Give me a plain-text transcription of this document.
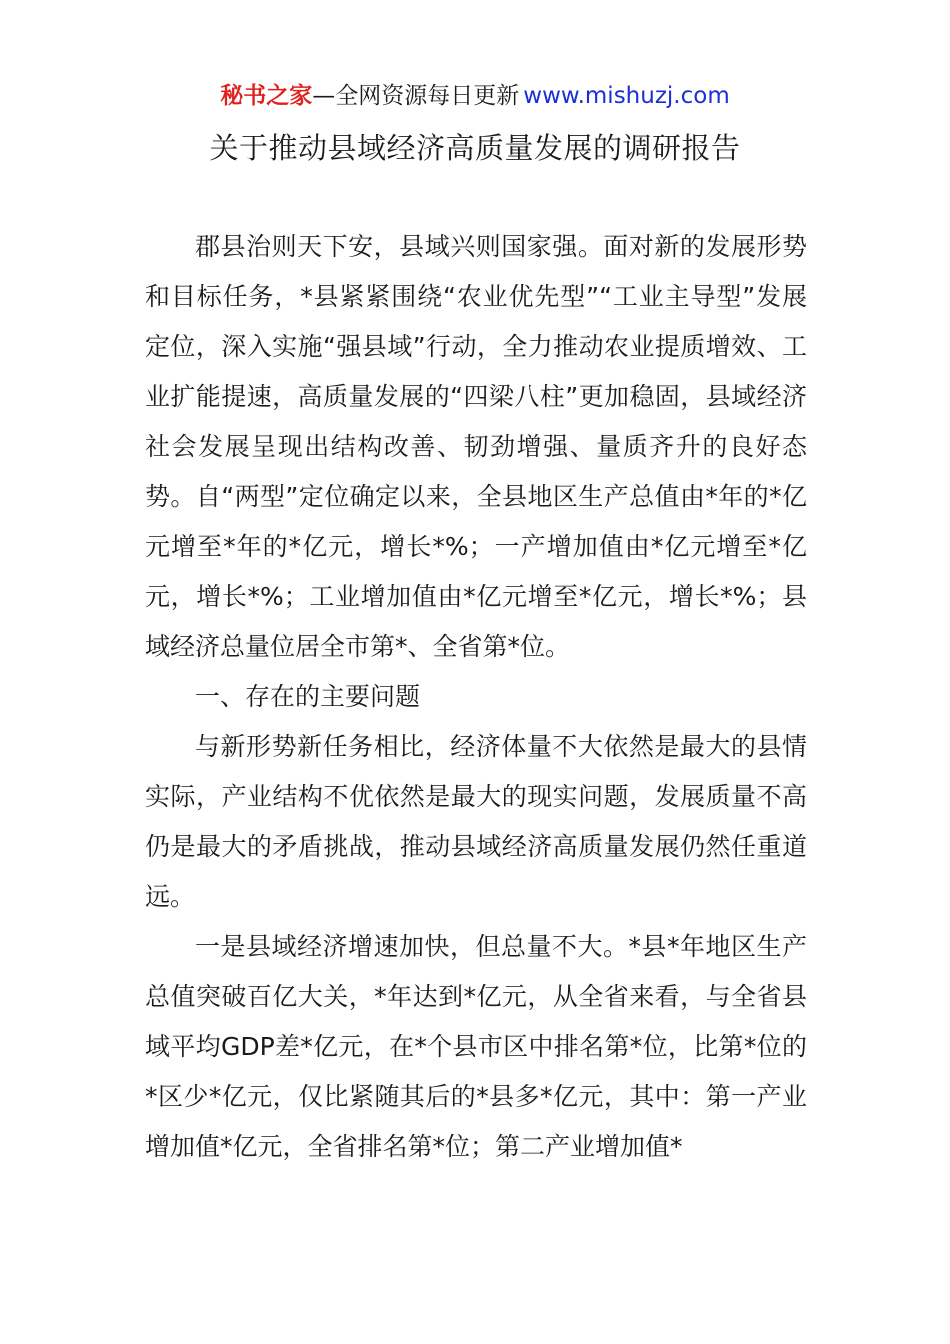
秘书之家—全网资源每日更新 www.mishuzj.com
关于推动县域经济高质量发展的调研报告

郡县治则天下安，县域兴则国家强。面对新的发展形势和目标任务，*县紧紧围绕“农业优先型”“工业主导型”发展定位，深入实施“强县域”行动，全力推动农业提质增效、工业扩能提速，高质量发展的“四梁八柱”更加稳固，县域经济社会发展呈现出结构改善、韧劲增强、量质齐升的良好态势。自“两型”定位确定以来，全县地区生产总值由*年的*亿元增至*年的*亿元，增长*%；一产增加值由*亿元增至*亿元，增长*%；工业增加值由*亿元增至*亿元，增长*%；县域经济总量位居全市第*、全省第*位。

一、存在的主要问题

与新形势新任务相比，经济体量不大依然是最大的县情实际，产业结构不优依然是最大的现实问题，发展质量不高仍是最大的矛盾挑战，推动县域经济高质量发展仍然任重道远。

一是县域经济增速加快，但总量不大。*县*年地区生产总值突破百亿大关，*年达到*亿元，从全省来看，与全省县域平均GDP差*亿元，在*个县市区中排名第*位，比第*位的*区少*亿元，仅比紧随其后的*县多*亿元，其中：第一产业增加值*亿元，全省排名第*位；第二产业增加值*
